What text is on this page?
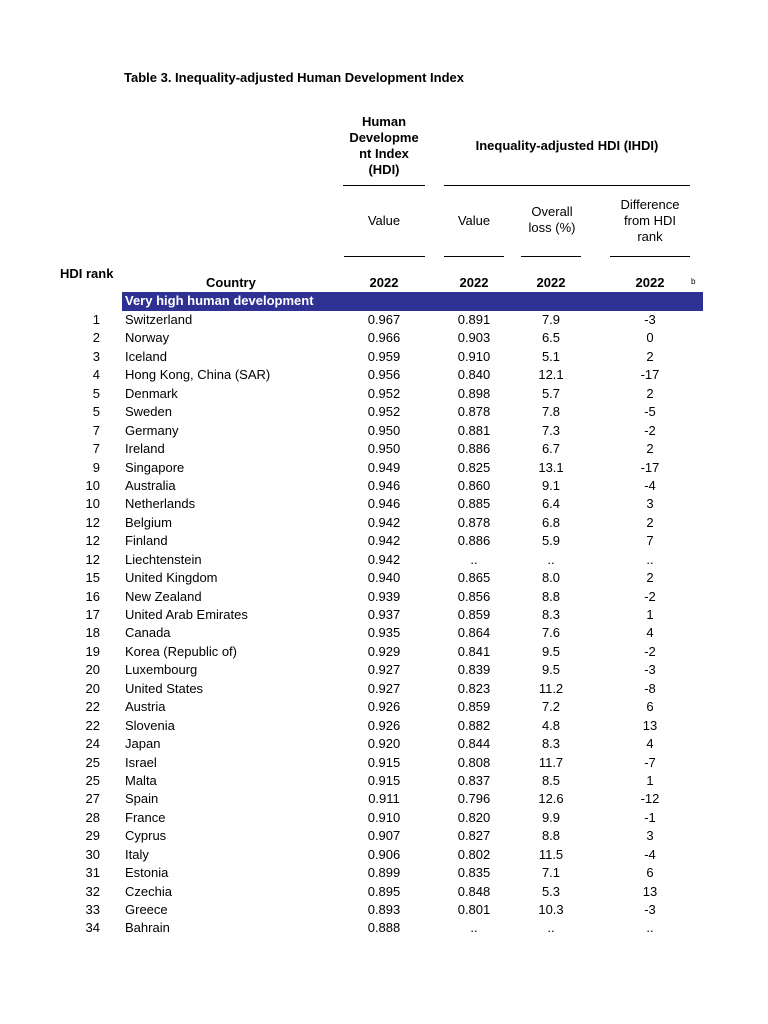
Table 3. Inequality-adjusted Human Development Index
Human Developme nt Index (HDI)
Inequality-adjusted HDI (IHDI)
Value	Value
Overall loss (%)
Difference from HDI rank
HDI rank
Country	2022	2022	2022	2022	b
Very high human development
1 Switzerland	0.967	0.891	7.9	-3
2 Norway	0.966	0.903	6.5	0
3 Iceland	0.959	0.910	5.1	2
4 Hong Kong, China (SAR)	0.956	0.840	12.1	-17
5 Denmark	0.952	0.898	5.7	2
5 Sweden	0.952	0.878	7.8	-5
7 Germany	0.950	0.881	7.3	-2
7 Ireland	0.950	0.886	6.7	2
9 Singapore	0.949	0.825	13.1	-17
10 Australia	0.946	0.860	9.1	-4
10 Netherlands	0.946	0.885	6.4	3
12 Belgium	0.942	0.878	6.8	2
12 Finland	0.942	0.886	5.9	7
12 Liechtenstein	0.942	..	..	..
15 United Kingdom	0.940	0.865	8.0	2
16 New Zealand	0.939	0.856	8.8	-2
17 United Arab Emirates	0.937	0.859	8.3	1
18 Canada	0.935	0.864	7.6	4
19 Korea (Republic of)	0.929	0.841	9.5	-2
20 Luxembourg	0.927	0.839	9.5	-3
20 United States	0.927	0.823	11.2	-8
22 Austria	0.926	0.859	7.2	6
22 Slovenia	0.926	0.882	4.8	13
24 Japan	0.920	0.844	8.3	4
25 Israel	0.915	0.808	11.7	-7
25 Malta	0.915	0.837	8.5	1
27 Spain	0.911	0.796	12.6	-12
28 France	0.910	0.820	9.9	-1
29 Cyprus	0.907	0.827	8.8	3
30 Italy	0.906	0.802	11.5	-4
31 Estonia	0.899	0.835	7.1	6
32 Czechia	0.895	0.848	5.3	13
33 Greece	0.893	0.801	10.3	-3
34 Bahrain	0.888	..	..	..
